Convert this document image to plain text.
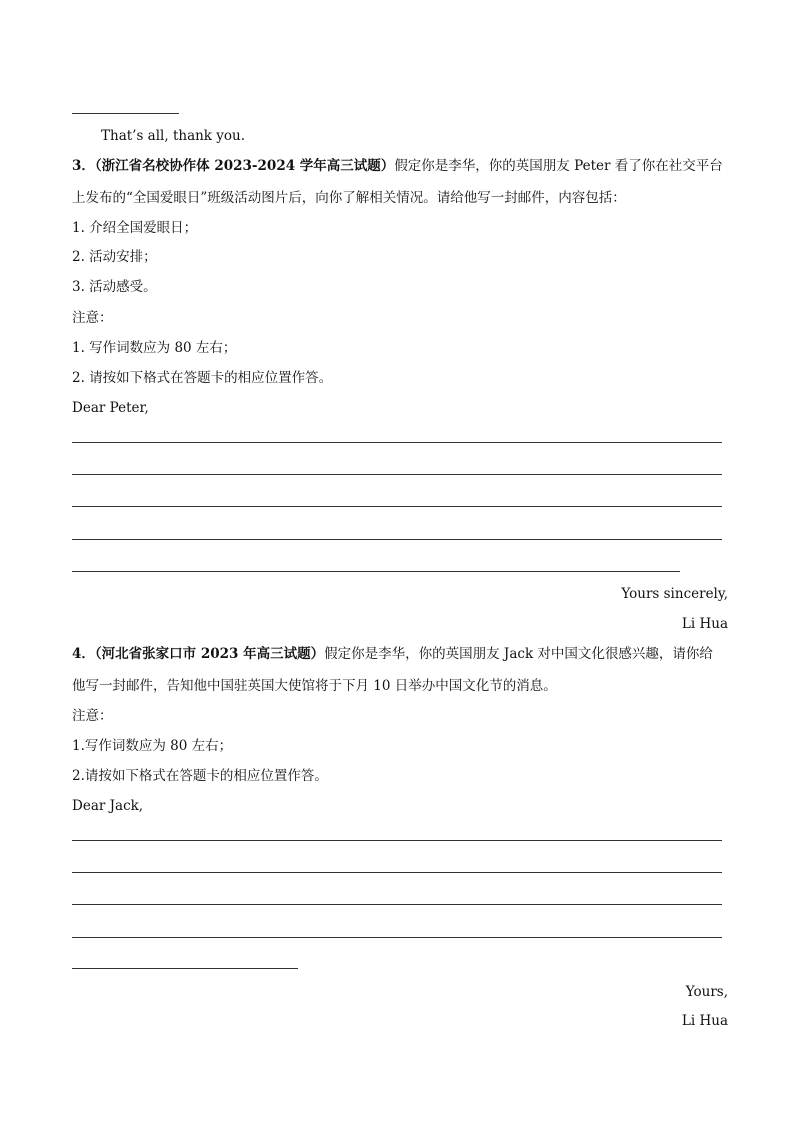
That’s all, thank you.
3．（浙江省名校协作体 2023-2024 学年高三试题）假定你是李华，你的英国朋友 Peter 看了你在社交平台
上发布的“全国爱眼日”班级活动图片后，向你了解相关情况。请给他写一封邮件，内容包括：
1. 介绍全国爱眼日；
2. 活动安排；
3. 活动感受。
注意：
1. 写作词数应为 80 左右；
2. 请按如下格式在答题卡的相应位置作答。
Dear Peter,
Yours sincerely,
Li Hua
4．（河北省张家口市 2023 年高三试题）假定你是李华，你的英国朋友 Jack 对中国文化很感兴趣，请你给
他写一封邮件，告知他中国驻英国大使馆将于下月 10 日举办中国文化节的消息。
注意：
1.写作词数应为 80 左右；
2.请按如下格式在答题卡的相应位置作答。
Dear Jack,
Yours,
Li Hua
